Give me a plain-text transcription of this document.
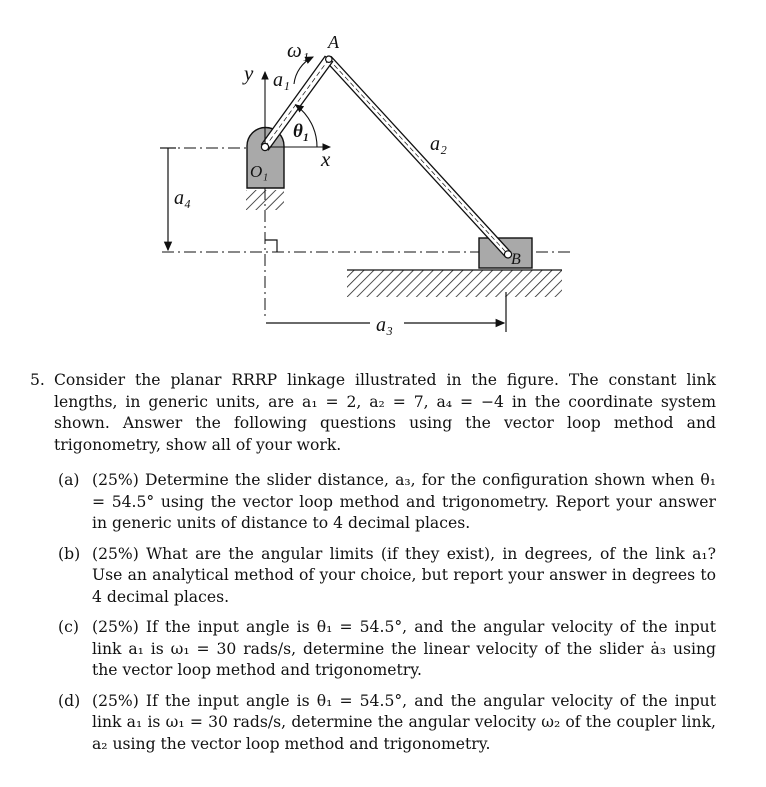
ω₁ A
y a₁
θ₁
a₂
x
O₁
a₄
B
a₃
5. Consider the planar RRRP linkage illustrated in the figure. The constant link lengths, in generic units, are a₁ = 2, a₂ = 7, a₄ = −4 in the coordinate system shown. Answer the following questions using the vector loop method and trigonometry, show all of your work.
(a) (25%) Determine the slider distance, a₃, for the configuration shown when θ₁ = 54.5° using the vector loop method and trigonometry. Report your answer in generic units of distance to 4 decimal places.
(b) (25%) What are the angular limits (if they exist), in degrees, of the link a₁? Use an analytical method of your choice, but report your answer in degrees to 4 decimal places.
(c) (25%) If the input angle is θ₁ = 54.5°, and the angular velocity of the input link a₁ is ω₁ = 30 rads/s, determine the linear velocity of the slider ȧ₃ using the vector loop method and trigonometry.
(d) (25%) If the input angle is θ₁ = 54.5°, and the angular velocity of the input link a₁ is ω₁ = 30 rads/s, determine the angular velocity ω₂ of the coupler link, a₂ using the vector loop method and trigonometry.
